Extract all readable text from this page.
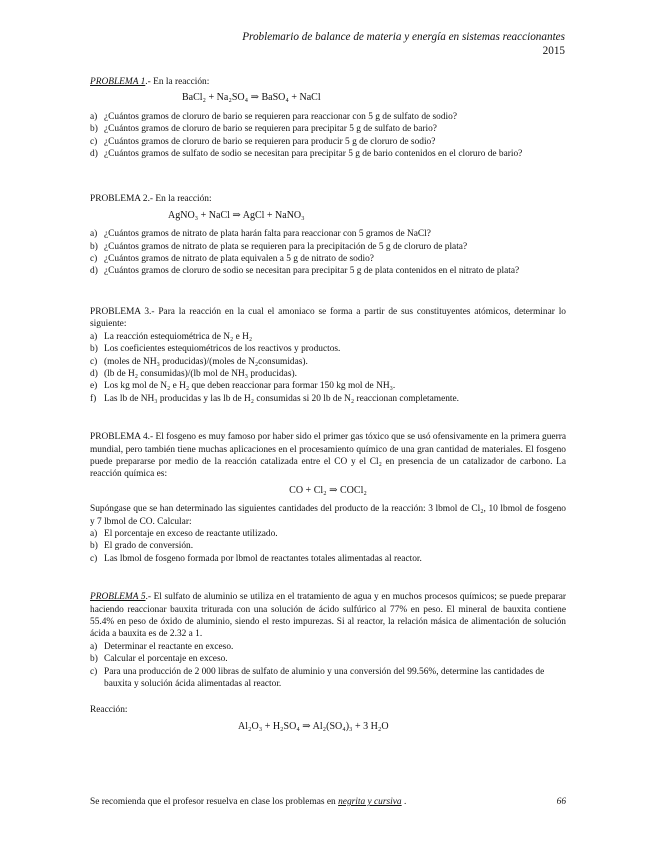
Problemario de balance de materia y energía en sistemas reaccionantes
2015
PROBLEMA 1.- En la reacción:
BaCl₂ + Na₂SO₄ ⇒ BaSO₄ + NaCl
a) ¿Cuántos gramos de cloruro de bario se requieren para reaccionar con 5 g de sulfato de sodio?
b) ¿Cuántos gramos de cloruro de bario se requieren para precipitar 5 g de sulfato de bario?
c) ¿Cuántos gramos de cloruro de bario se requieren para producir 5 g de cloruro de sodio?
d) ¿Cuántos gramos de sulfato de sodio se necesitan para precipitar 5 g de bario contenidos en el cloruro de bario?
PROBLEMA 2.- En la reacción:
AgNO₃ + NaCl ⇒ AgCl + NaNO₃
a) ¿Cuántos gramos de nitrato de plata harán falta para reaccionar con 5 gramos de NaCl?
b) ¿Cuántos gramos de nitrato de plata se requieren para la precipitación de 5 g de cloruro de plata?
c) ¿Cuántos gramos de nitrato de plata equivalen a 5 g de nitrato de sodio?
d) ¿Cuántos gramos de cloruro de sodio se necesitan para precipitar 5 g de plata contenidos en el nitrato de plata?

PROBLEMA 3.- Para la reacción en la cual el amoniaco se forma a partir de sus constituyentes atómicos, determinar lo siguiente:

a) La reacción estequiométrica de N₂ e H₂
b) Los coeficientes estequiométricos de los reactivos y productos.
c) (moles de NH₃ producidas)/(moles de N₂consumidas).
d) (lb de H₂ consumidas)/(lb mol de NH₃ producidas).
e) Los kg mol de N₂ e H₂ que deben reaccionar para formar 150 kg mol de NH₃.
f) Las lb de NH₃ producidas y las lb de H₂ consumidas si 20 lb de N₂ reaccionan completamente.

PROBLEMA 4.- El fosgeno es muy famoso por haber sido el primer gas tóxico que se usó ofensivamente en la primera guerra mundial, pero también tiene muchas aplicaciones en el procesamiento químico de una gran cantidad de materiales. El fosgeno puede prepararse por medio de la reacción catalizada entre el CO y el Cl₂ en presencia de un catalizador de carbono. La reacción química es:

CO + Cl₂ ⇒ COCl₂

Supóngase que se han determinado las siguientes cantidades del producto de la reacción: 3 lbmol de Cl₂, 10 lbmol de fosgeno y 7 lbmol de CO. Calcular:

a) El porcentaje en exceso de reactante utilizado.
b) El grado de conversión.
c) Las lbmol de fosgeno formada por lbmol de reactantes totales alimentadas al reactor.

PROBLEMA 5.- El sulfato de aluminio se utiliza en el tratamiento de agua y en muchos procesos químicos; se puede preparar haciendo reaccionar bauxita triturada con una solución de ácido sulfúrico al 77% en peso. El mineral de bauxita contiene 55.4% en peso de óxido de aluminio, siendo el resto impurezas. Si al reactor, la relación másica de alimentación de solución ácida a bauxita es de 2.32 a 1.

a) Determinar el reactante en exceso.
b) Calcular el porcentaje en exceso.
c) Para una producción de 2 000 libras de sulfato de aluminio y una conversión del 99.56%, determine las cantidades de bauxita y solución ácida alimentadas al reactor.
Reacción:
Al₂O₃ + H₂SO₄ ⇒ Al₂(SO₄)₃ + 3 H₂O
Se recomienda que el profesor resuelva en clase los problemas en negrita y cursiva .	66
